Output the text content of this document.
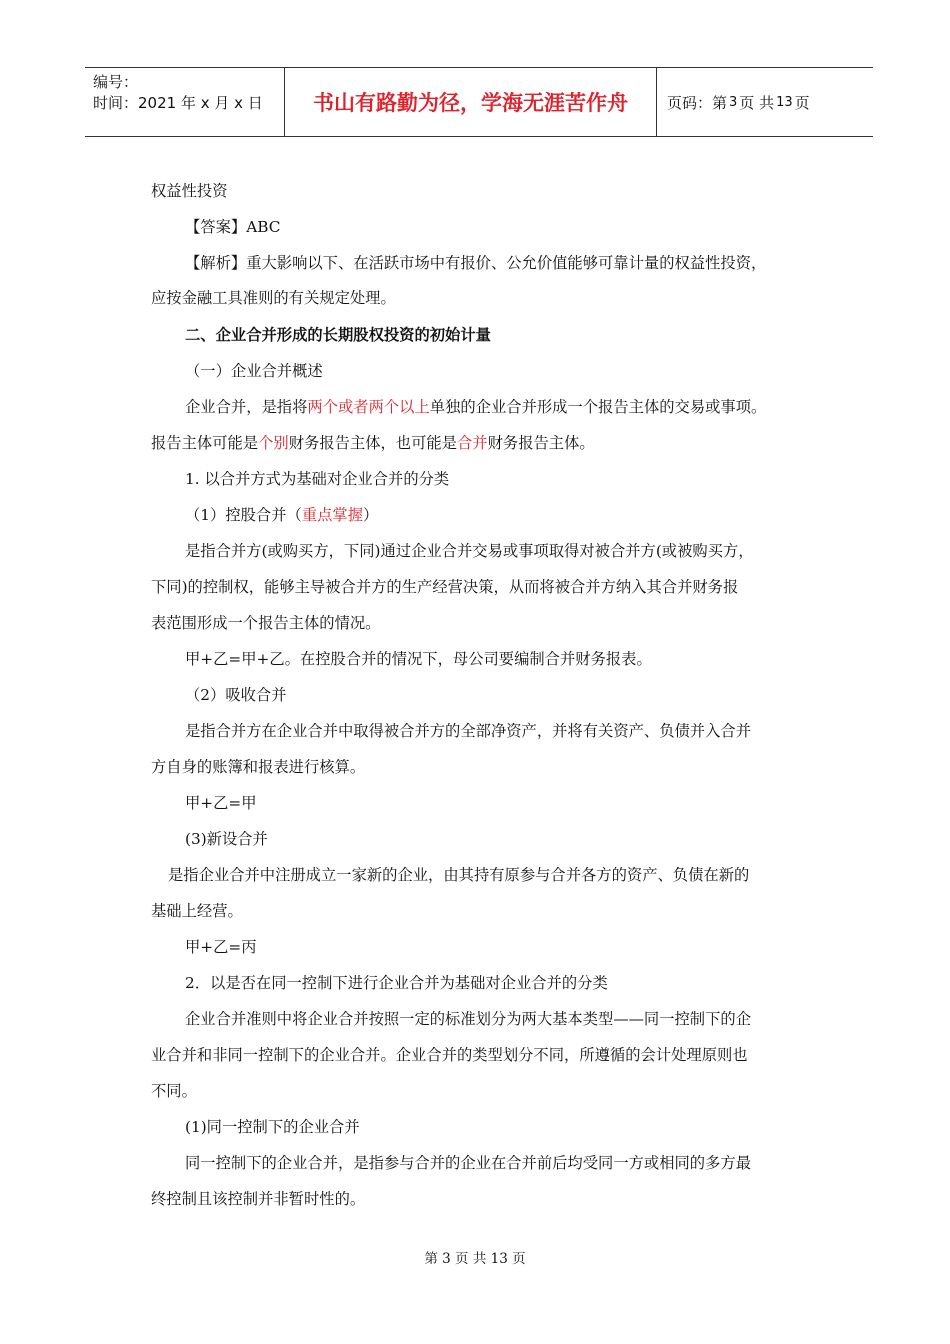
编号：
时间：2021 年 x 月 x 日	书山有路勤为径，学海无涯苦作舟	页码：第 3 页 共 13 页
权益性投资
【答案】ABC
【解析】重大影响以下、在活跃市场中有报价、公允价值能够可靠计量的权益性投资，
应按金融工具准则的有关规定处理。
二、企业合并形成的长期股权投资的初始计量
（一）企业合并概述
企业合并，是指将两个或者两个以上单独的企业合并形成一个报告主体的交易或事项。
报告主体可能是个别财务报告主体，也可能是合并财务报告主体。
1. 以合并方式为基础对企业合并的分类
（1）控股合并（重点掌握）
是指合并方(或购买方，下同)通过企业合并交易或事项取得对被合并方(或被购买方，
下同)的控制权，能够主导被合并方的生产经营决策，从而将被合并方纳入其合并财务报
表范围形成一个报告主体的情况。
甲+乙=甲+乙。在控股合并的情况下，母公司要编制合并财务报表。
（2）吸收合并
是指合并方在企业合并中取得被合并方的全部净资产，并将有关资产、负债并入合并
方自身的账簿和报表进行核算。
甲+乙=甲
(3)新设合并
是指企业合并中注册成立一家新的企业，由其持有原参与合并各方的资产、负债在新的
基础上经营。
甲+乙=丙
2．以是否在同一控制下进行企业合并为基础对企业合并的分类
企业合并准则中将企业合并按照一定的标准划分为两大基本类型——同一控制下的企
业合并和非同一控制下的企业合并。企业合并的类型划分不同，所遵循的会计处理原则也
不同。
(1)同一控制下的企业合并
同一控制下的企业合并，是指参与合并的企业在合并前后均受同一方或相同的多方最
终控制且该控制并非暂时性的。
第 3 页 共 13 页
